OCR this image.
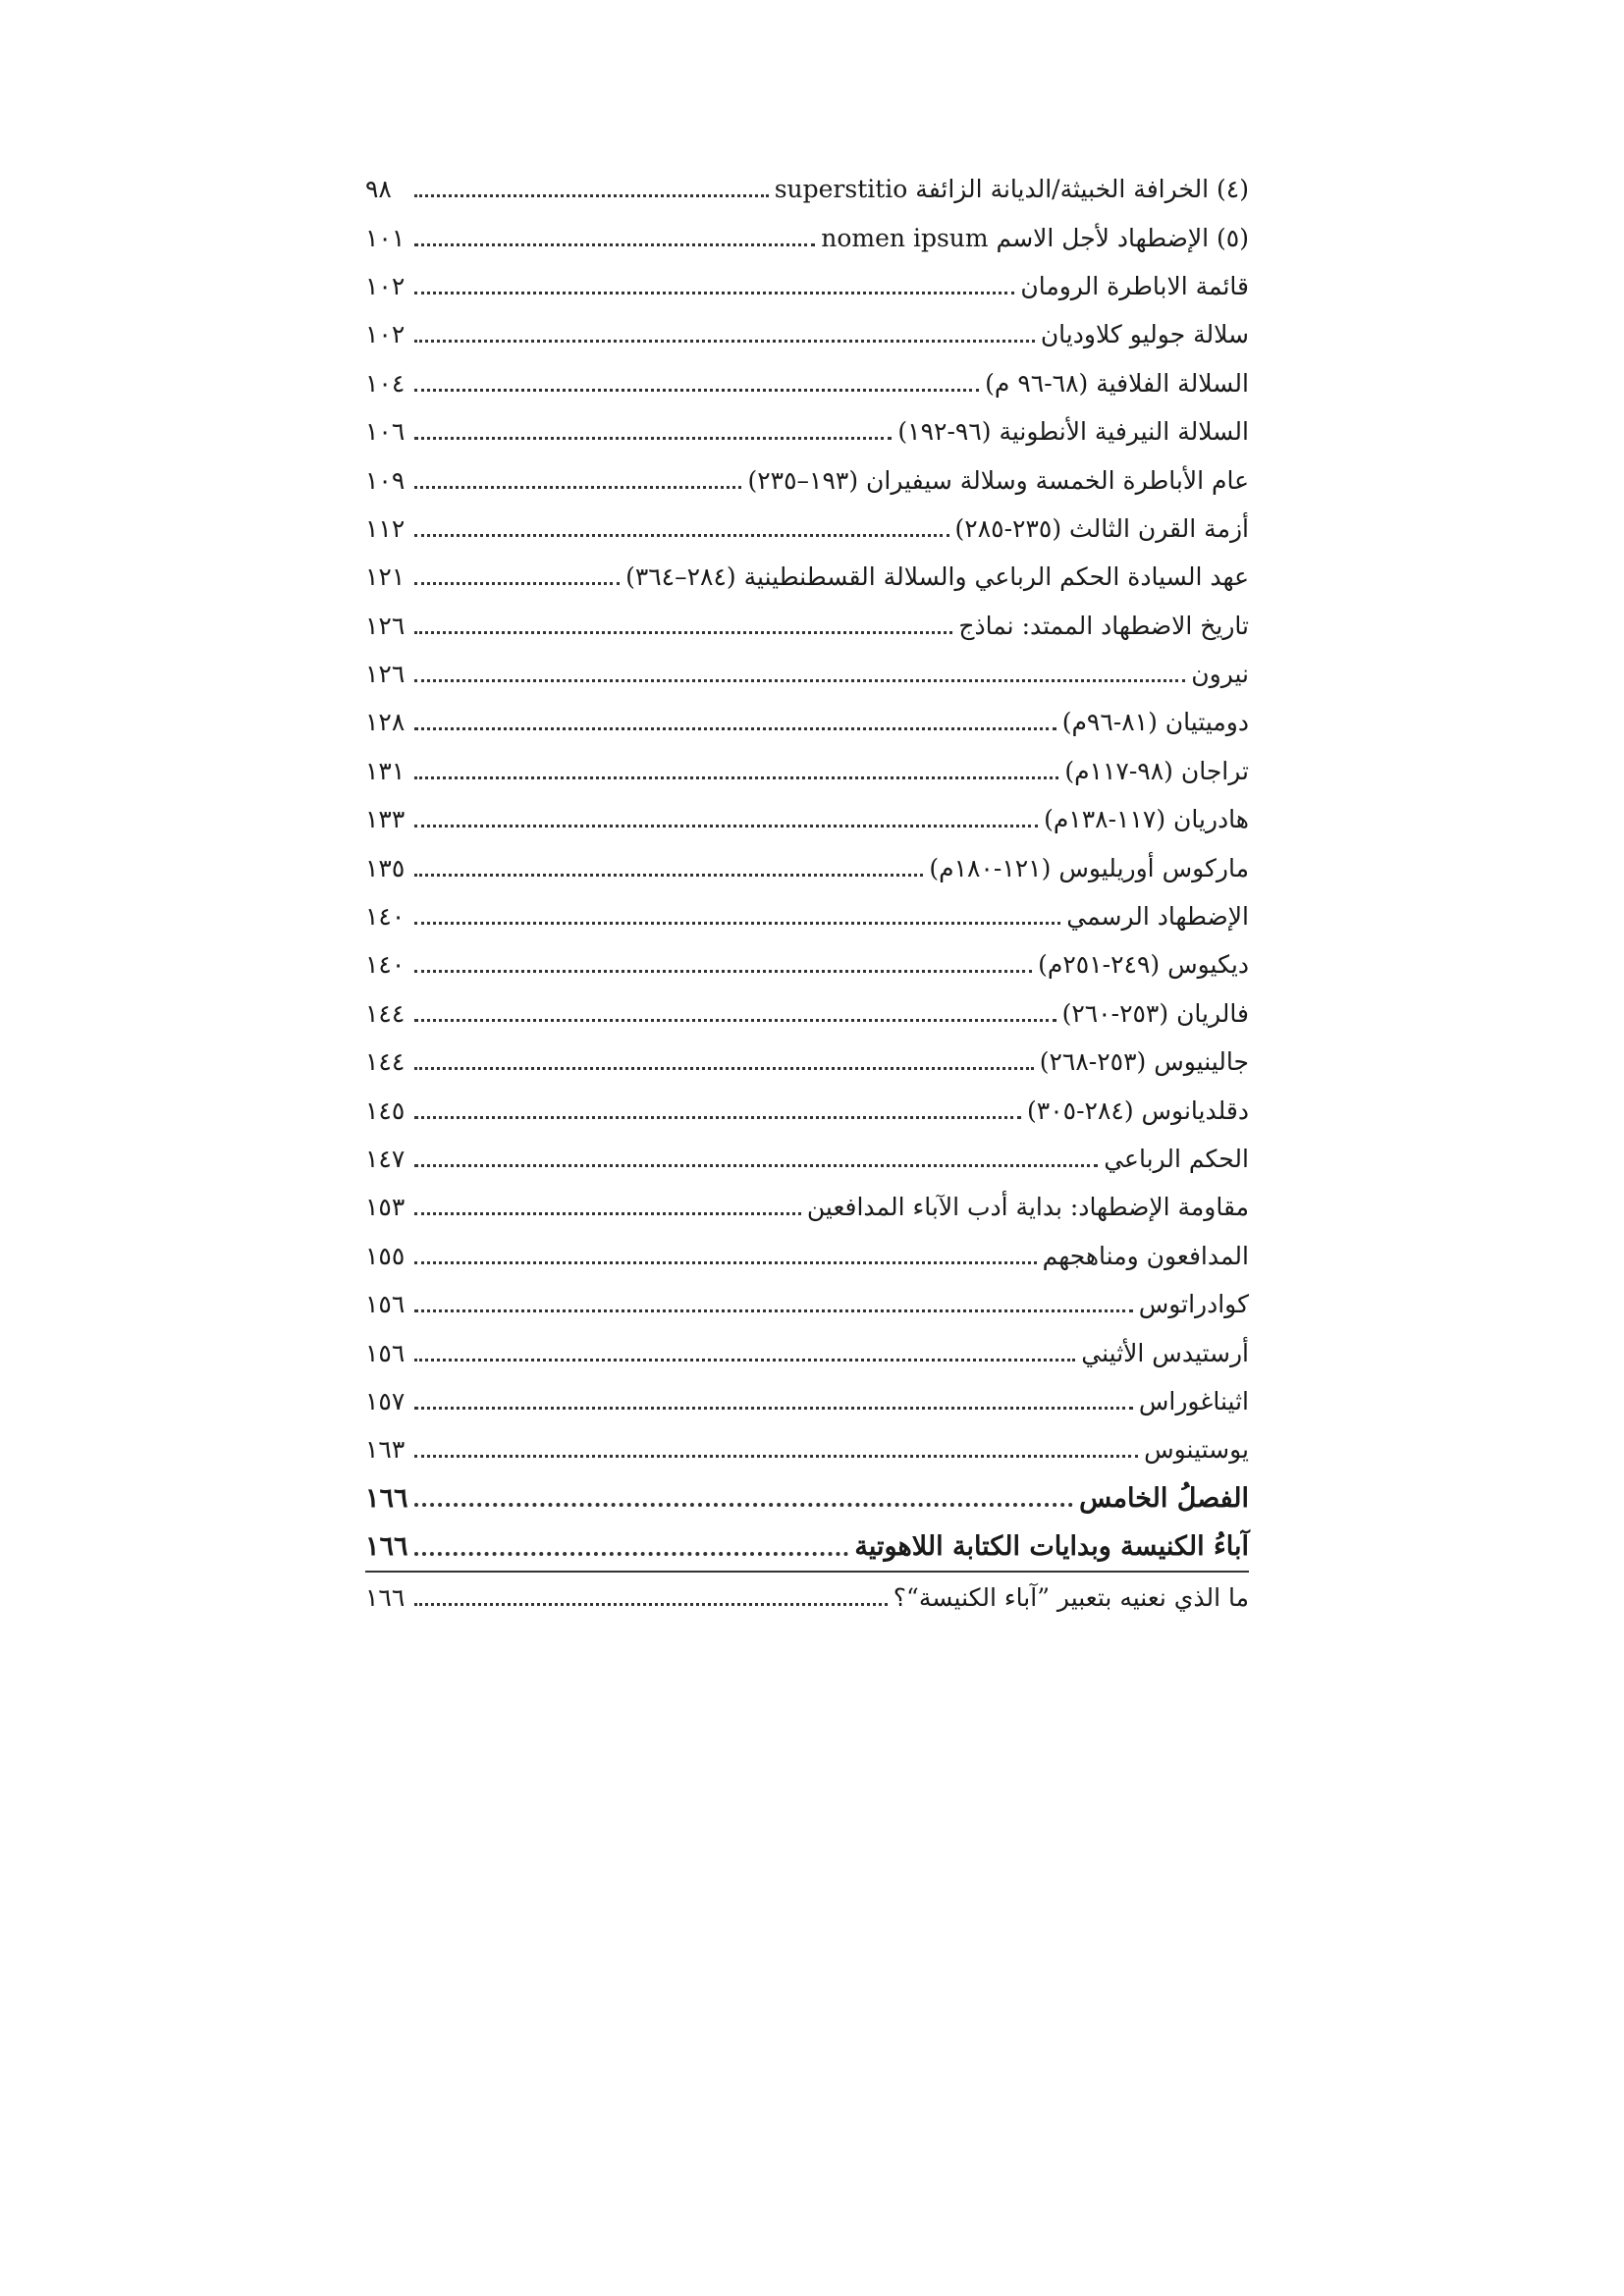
(٤) الخرافة الخبيثة/الديانة الزائفة superstitio
٩٨
(٥) الإضطهاد لأجل الاسم nomen ipsum
١٠١
قائمة الاباطرة الرومان
١٠٢
سلالة جوليو كلاوديان
١٠٢
السلالة الفلافية (٦٨-٩٦ م)
١٠٤
السلالة النيرفية الأنطونية (٩٦-١٩٢)
١٠٦
عام الأباطرة الخمسة وسلالة سيفيران (١٩٣–٢٣٥)
١٠٩
أزمة القرن الثالث (٢٣٥-٢٨٥)
١١٢
عهد السيادة الحكم الرباعي والسلالة القسطنطينية (٢٨٤–٣٦٤)
١٢١
تاريخ الاضطهاد الممتد: نماذج
١٢٦
نيرون
١٢٦
دوميتيان (٨١-٩٦م)
١٢٨
تراجان (٩٨-١١٧م)
١٣١
هادريان (١١٧-١٣٨م)
١٣٣
ماركوس أوريليوس (١٢١-١٨٠م)
١٣٥
الإضطهاد الرسمي
١٤٠
ديكيوس (٢٤٩-٢٥١م)
١٤٠
فالريان (٢٥٣-٢٦٠)
١٤٤
جالينيوس (٢٥٣-٢٦٨)
١٤٤
دقلديانوس (٢٨٤-٣٠٥)
١٤٥
الحكم الرباعي
١٤٧
مقاومة الإضطهاد: بداية أدب الآباء المدافعين
١٥٣
المدافعون ومناهجهم
١٥٥
كوادراتوس
١٥٦
أرستيدس الأثيني
١٥٦
اثيناغوراس
١٥٧
يوستينوس
١٦٣
الفصلُ الخامس
١٦٦
آباءُ الكنيسة وبدايات الكتابة اللاهوتية
١٦٦
ما الذي نعنيه بتعبير ”آباء الكنيسة“؟
١٦٦
